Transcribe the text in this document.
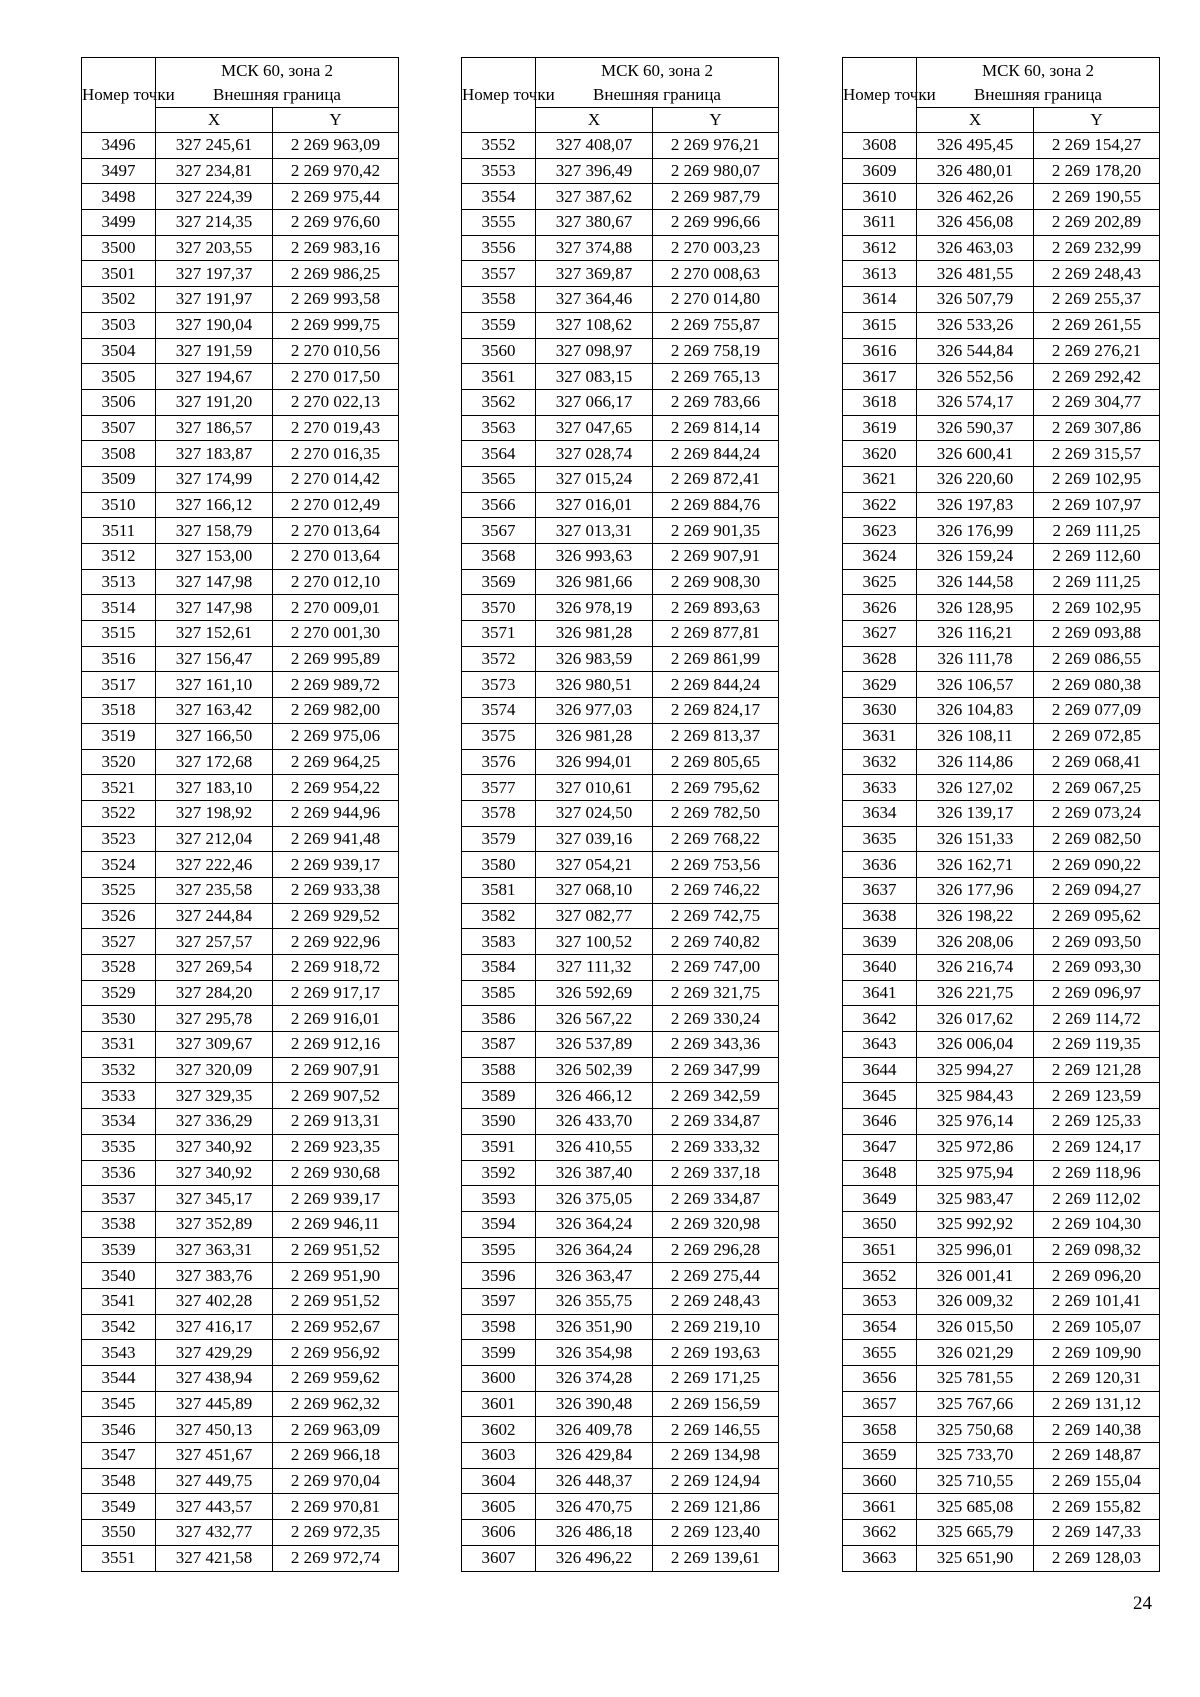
Номер точки	МСК 60, зона 2
Внешняя граница	

	X	Y
3496	327 245,61	2 269 963,09
3497	327 234,81	2 269 970,42
3498	327 224,39	2 269 975,44
3499	327 214,35	2 269 976,60
3500	327 203,55	2 269 983,16
3501	327 197,37	2 269 986,25
3502	327 191,97	2 269 993,58
3503	327 190,04	2 269 999,75
3504	327 191,59	2 270 010,56
3505	327 194,67	2 270 017,50
3506	327 191,20	2 270 022,13
3507	327 186,57	2 270 019,43
3508	327 183,87	2 270 016,35
3509	327 174,99	2 270 014,42
3510	327 166,12	2 270 012,49
3511	327 158,79	2 270 013,64
3512	327 153,00	2 270 013,64
3513	327 147,98	2 270 012,10
3514	327 147,98	2 270 009,01
3515	327 152,61	2 270 001,30
3516	327 156,47	2 269 995,89
3517	327 161,10	2 269 989,72
3518	327 163,42	2 269 982,00
3519	327 166,50	2 269 975,06
3520	327 172,68	2 269 964,25
3521	327 183,10	2 269 954,22
3522	327 198,92	2 269 944,96
3523	327 212,04	2 269 941,48
3524	327 222,46	2 269 939,17
3525	327 235,58	2 269 933,38
3526	327 244,84	2 269 929,52
3527	327 257,57	2 269 922,96
3528	327 269,54	2 269 918,72
3529	327 284,20	2 269 917,17
3530	327 295,78	2 269 916,01
3531	327 309,67	2 269 912,16
3532	327 320,09	2 269 907,91
3533	327 329,35	2 269 907,52
3534	327 336,29	2 269 913,31
3535	327 340,92	2 269 923,35
3536	327 340,92	2 269 930,68
3537	327 345,17	2 269 939,17
3538	327 352,89	2 269 946,11
3539	327 363,31	2 269 951,52
3540	327 383,76	2 269 951,90
3541	327 402,28	2 269 951,52
3542	327 416,17	2 269 952,67
3543	327 429,29	2 269 956,92
3544	327 438,94	2 269 959,62
3545	327 445,89	2 269 962,32
3546	327 450,13	2 269 963,09
3547	327 451,67	2 269 966,18
3548	327 449,75	2 269 970,04
3549	327 443,57	2 269 970,81
3550	327 432,77	2 269 972,35
3551	327 421,58	2 269 972,74
Номер точки	МСК 60, зона 2
Внешняя граница	

	X	Y
3552	327 408,07	2 269 976,21
3553	327 396,49	2 269 980,07
3554	327 387,62	2 269 987,79
3555	327 380,67	2 269 996,66
3556	327 374,88	2 270 003,23
3557	327 369,87	2 270 008,63
3558	327 364,46	2 270 014,80
3559	327 108,62	2 269 755,87
3560	327 098,97	2 269 758,19
3561	327 083,15	2 269 765,13
3562	327 066,17	2 269 783,66
3563	327 047,65	2 269 814,14
3564	327 028,74	2 269 844,24
3565	327 015,24	2 269 872,41
3566	327 016,01	2 269 884,76
3567	327 013,31	2 269 901,35
3568	326 993,63	2 269 907,91
3569	326 981,66	2 269 908,30
3570	326 978,19	2 269 893,63
3571	326 981,28	2 269 877,81
3572	326 983,59	2 269 861,99
3573	326 980,51	2 269 844,24
3574	326 977,03	2 269 824,17
3575	326 981,28	2 269 813,37
3576	326 994,01	2 269 805,65
3577	327 010,61	2 269 795,62
3578	327 024,50	2 269 782,50
3579	327 039,16	2 269 768,22
3580	327 054,21	2 269 753,56
3581	327 068,10	2 269 746,22
3582	327 082,77	2 269 742,75
3583	327 100,52	2 269 740,82
3584	327 111,32	2 269 747,00
3585	326 592,69	2 269 321,75
3586	326 567,22	2 269 330,24
3587	326 537,89	2 269 343,36
3588	326 502,39	2 269 347,99
3589	326 466,12	2 269 342,59
3590	326 433,70	2 269 334,87
3591	326 410,55	2 269 333,32
3592	326 387,40	2 269 337,18
3593	326 375,05	2 269 334,87
3594	326 364,24	2 269 320,98
3595	326 364,24	2 269 296,28
3596	326 363,47	2 269 275,44
3597	326 355,75	2 269 248,43
3598	326 351,90	2 269 219,10
3599	326 354,98	2 269 193,63
3600	326 374,28	2 269 171,25
3601	326 390,48	2 269 156,59
3602	326 409,78	2 269 146,55
3603	326 429,84	2 269 134,98
3604	326 448,37	2 269 124,94
3605	326 470,75	2 269 121,86
3606	326 486,18	2 269 123,40
3607	326 496,22	2 269 139,61
Номер точки	МСК 60, зона 2
Внешняя граница	

	X	Y
3608	326 495,45	2 269 154,27
3609	326 480,01	2 269 178,20
3610	326 462,26	2 269 190,55
3611	326 456,08	2 269 202,89
3612	326 463,03	2 269 232,99
3613	326 481,55	2 269 248,43
3614	326 507,79	2 269 255,37
3615	326 533,26	2 269 261,55
3616	326 544,84	2 269 276,21
3617	326 552,56	2 269 292,42
3618	326 574,17	2 269 304,77
3619	326 590,37	2 269 307,86
3620	326 600,41	2 269 315,57
3621	326 220,60	2 269 102,95
3622	326 197,83	2 269 107,97
3623	326 176,99	2 269 111,25
3624	326 159,24	2 269 112,60
3625	326 144,58	2 269 111,25
3626	326 128,95	2 269 102,95
3627	326 116,21	2 269 093,88
3628	326 111,78	2 269 086,55
3629	326 106,57	2 269 080,38
3630	326 104,83	2 269 077,09
3631	326 108,11	2 269 072,85
3632	326 114,86	2 269 068,41
3633	326 127,02	2 269 067,25
3634	326 139,17	2 269 073,24
3635	326 151,33	2 269 082,50
3636	326 162,71	2 269 090,22
3637	326 177,96	2 269 094,27
3638	326 198,22	2 269 095,62
3639	326 208,06	2 269 093,50
3640	326 216,74	2 269 093,30
3641	326 221,75	2 269 096,97
3642	326 017,62	2 269 114,72
3643	326 006,04	2 269 119,35
3644	325 994,27	2 269 121,28
3645	325 984,43	2 269 123,59
3646	325 976,14	2 269 125,33
3647	325 972,86	2 269 124,17
3648	325 975,94	2 269 118,96
3649	325 983,47	2 269 112,02
3650	325 992,92	2 269 104,30
3651	325 996,01	2 269 098,32
3652	326 001,41	2 269 096,20
3653	326 009,32	2 269 101,41
3654	326 015,50	2 269 105,07
3655	326 021,29	2 269 109,90
3656	325 781,55	2 269 120,31
3657	325 767,66	2 269 131,12
3658	325 750,68	2 269 140,38
3659	325 733,70	2 269 148,87
3660	325 710,55	2 269 155,04
3661	325 685,08	2 269 155,82
3662	325 665,79	2 269 147,33
3663	325 651,90	2 269 128,03
24
